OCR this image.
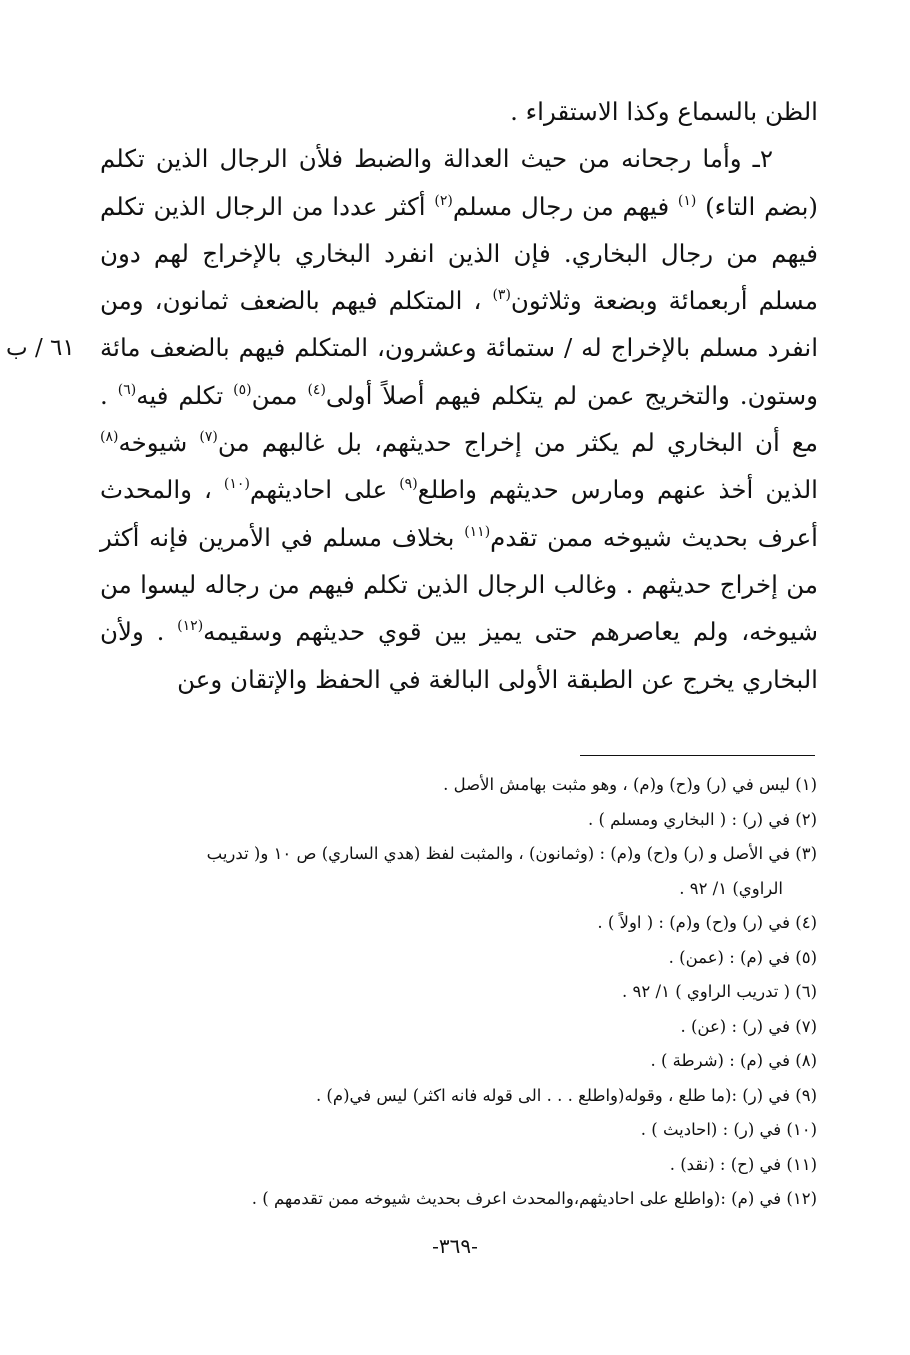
الظن بالسماع وكذا الاستقراء .

٢ـ وأما رجحانه من حيث العدالة والضبط فلأن الرجال الذين تكلم (بضم التاء) $^{(١)}$ فيهم من رجال مسلم$^{(٢)}$ أكثر عددا من الرجال الذين تكلم فيهم من رجال البخاري. فإن الذين انفرد البخاري بالإخراج لهم دون مسلم أربعمائة وبضعة وثلاثون$^{(٣)}$ ، المتكلم فيهم بالضعف ثمانون، ومن انفرد مسلم بالإخراج له / ستمائة وعشرون، المتكلم فيهم بالضعف مائة وستون. والتخريج عمن لم يتكلم فيهم أصلاً أولى$^{(٤)}$ ممن$^{(٥)}$ تكلم فيه$^{(٦)}$ . مع أن البخاري لم يكثر من إخراج حديثهم، بل غالبهم من$^{(٧)}$ شيوخه$^{(٨)}$ الذين أخذ عنهم ومارس حديثهم واطلع$^{(٩)}$ على احاديثهم$^{(١٠)}$ ، والمحدث أعرف بحديث شيوخه ممن تقدم$^{(١١)}$ بخلاف مسلم في الأمرين فإنه أكثر من إخراج حديثهم . وغالب الرجال الذين تكلم فيهم من رجاله ليسوا من شيوخه، ولم يعاصرهم حتى يميز بين قوي حديثهم وسقيمه$^{(١٢)}$ . ولأن البخاري يخرج عن الطبقة الأولى البالغة في الحفظ والإتقان وعن

٦١ / ب

(١) ليس في (ر) و(ح) و(م) ، وهو مثبت بهامش الأصل .

(٢) في (ر) : ( البخاري ومسلم ) .

(٣) في الأصل و (ر) و(ح) و(م) : (وثمانون) ، والمثبت لفظ (هدي الساري) ص ١٠ و( تدريب

الراوي) ١/ ٩٢ .

(٤) في (ر) و(ح) و(م) : ( اولاً ) .

(٥) في (م) : (عمن) .

(٦) ( تدريب الراوي ) ١/ ٩٢ .

(٧) في (ر) : (عن) .

(٨) في (م) : (شرطة ) .

(٩) في (ر) :(ما طلع ، وقوله(واطلع . . . الى قوله فانه اكثر) ليس في(م) .

(١٠) في (ر) : (احاديث ) .

(١١) في (ح) : (نقد) .

(١٢) في (م) :(واطلع على احاديثهم،والمحدث اعرف بحديث شيوخه ممن تقدمهم ) .

-٣٦٩-
